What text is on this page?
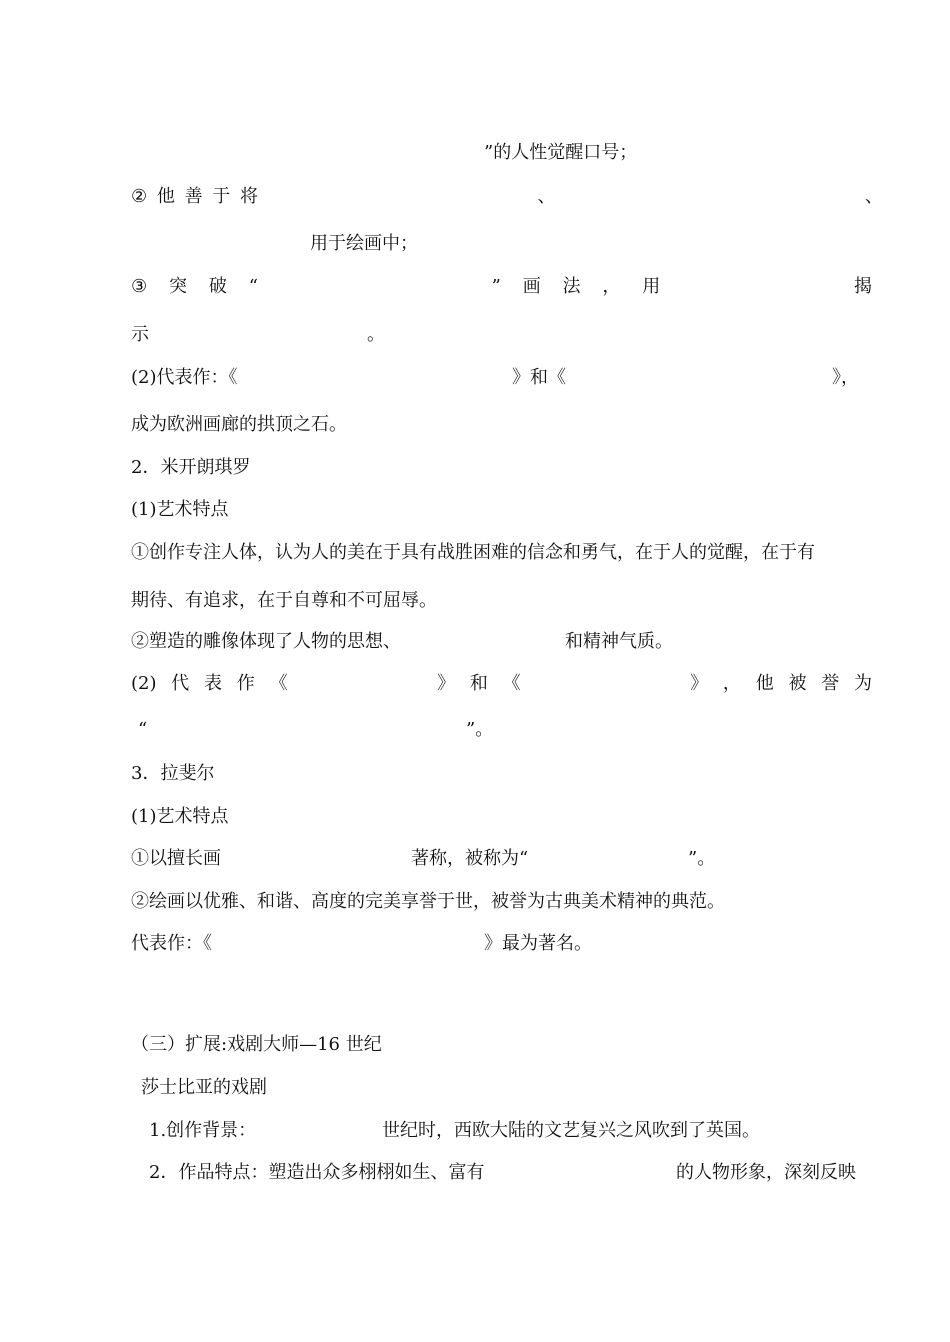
”的人性觉醒口号；
② 他 善 于 将	、	、
用于绘画中；
③ 突 破 “	” 画 法 ， 用	揭
示	。
(2)代表作：《	》和《	》，
成为欧洲画廊的拱顶之石。
2．米开朗琪罗
(1)艺术特点
①创作专注人体，认为人的美在于具有战胜困难的信念和勇气，在于人的觉醒，在于有
期待、有追求，在于自尊和不可屈辱。
②塑造的雕像体现了人物的思想、	和精神气质。
(2) 代 表 作 《	》 和 《	》 ， 他 被 誉 为
“	”。
3．拉斐尔
(1)艺术特点
①以擅长画	著称，被称为“	”。
②绘画以优雅、和谐、高度的完美享誉于世，被誉为古典美术精神的典范。
代表作：《	》最为著名。
（三）扩展:戏剧大师—16 世纪
莎士比亚的戏剧
1.创作背景：	世纪时，西欧大陆的文艺复兴之风吹到了英国。
2．作品特点：塑造出众多栩栩如生、富有	的人物形象，深刻反映
